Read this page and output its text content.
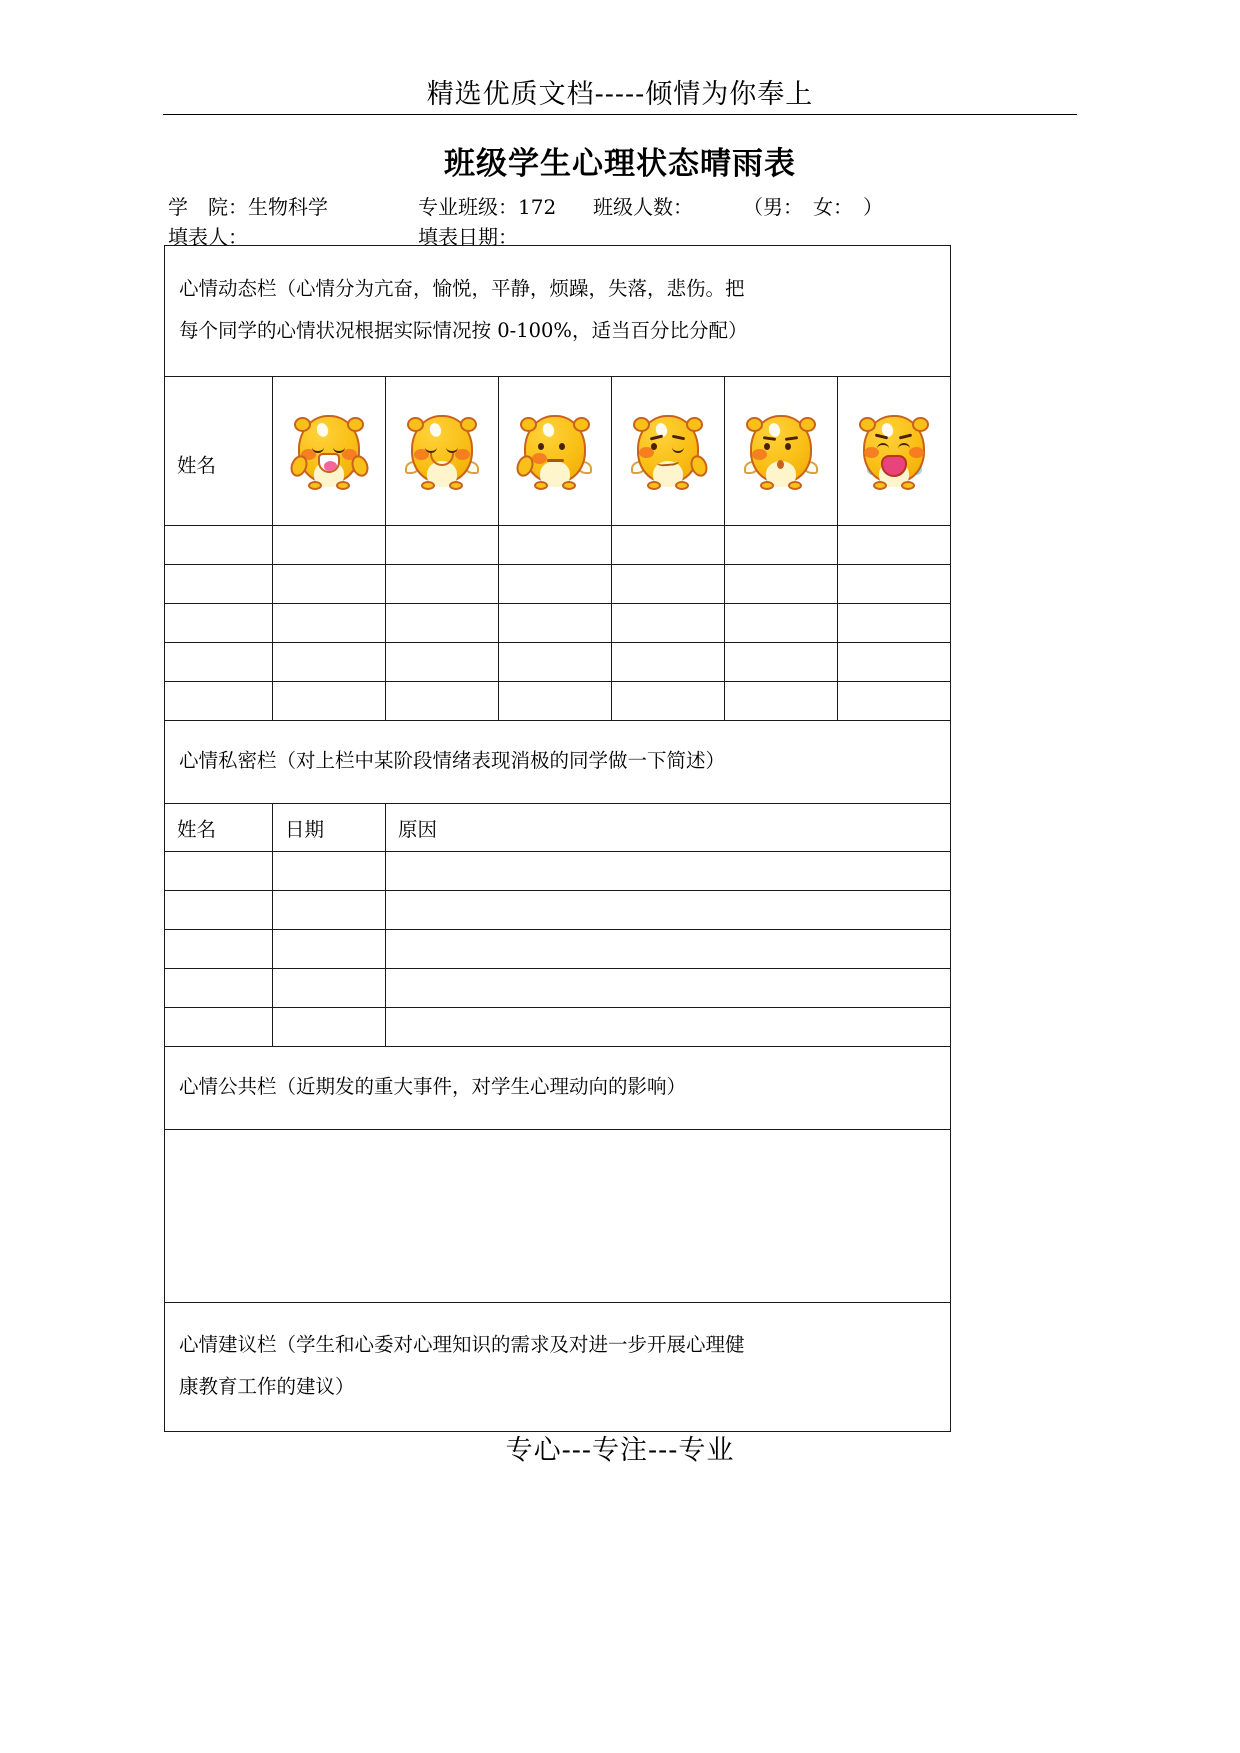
精选优质文档-----倾情为你奉上
班级学生心理状态晴雨表
学　院：生物科学	专业班级：172 班级人数：	（男：　女：　）
填表人：	填表日期：
心情动态栏（心情分为亢奋，愉悦，平静，烦躁，失落，悲伤。把
每个同学的心情状况根据实际情况按 0-100%，适当百分比分配）						

姓名	

心情私密栏（对上栏中某阶段情绪表现消极的同学做一下简述）						
姓名	日期	原因				

心情公共栏（近期发的重大事件，对学生心理动向的影响）						

心情建议栏（学生和心委对心理知识的需求及对进一步开展心理健
康教育工作的建议）						
专心---专注---专业
